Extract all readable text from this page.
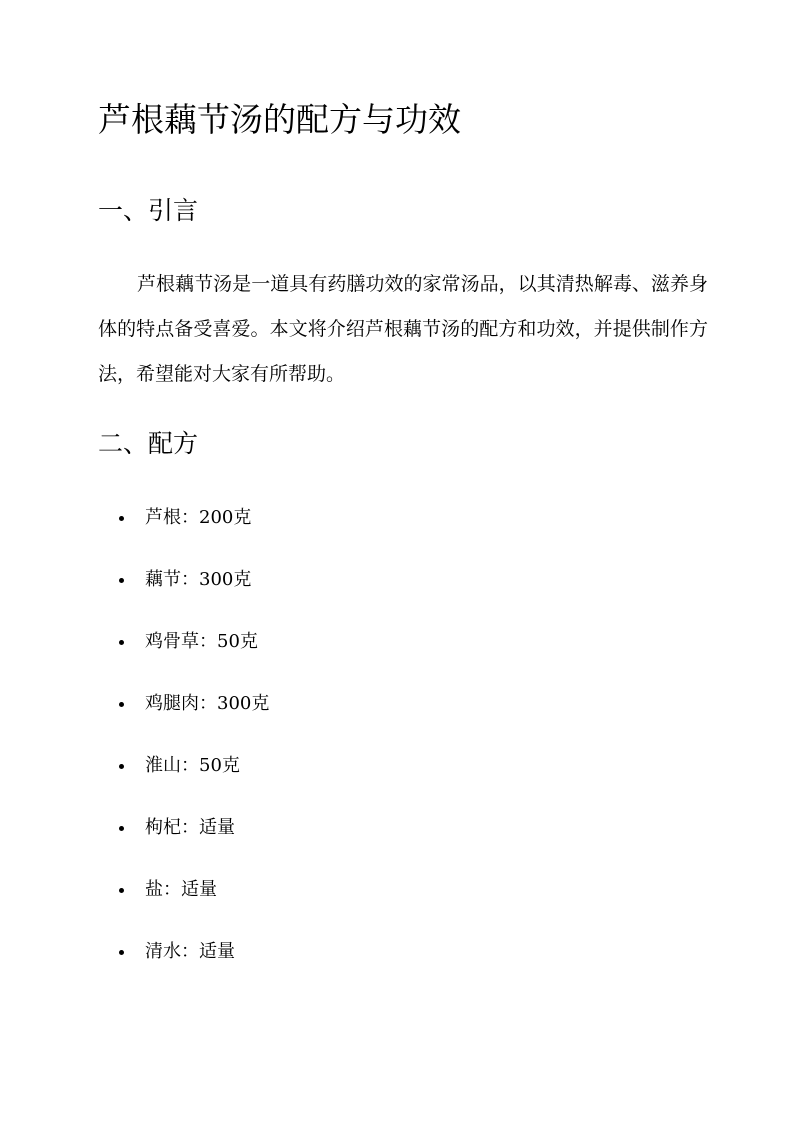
芦根藕节汤的配方与功效
一、引言

芦根藕节汤是一道具有药膳功效的家常汤品，以其清热解毒、滋养身体的特点备受喜爱。本文将介绍芦根藕节汤的配方和功效，并提供制作方法，希望能对大家有所帮助。

二、配方
芦根：200克
藕节：300克
鸡骨草：50克
鸡腿肉：300克
淮山：50克
枸杞：适量
盐：适量
清水：适量
